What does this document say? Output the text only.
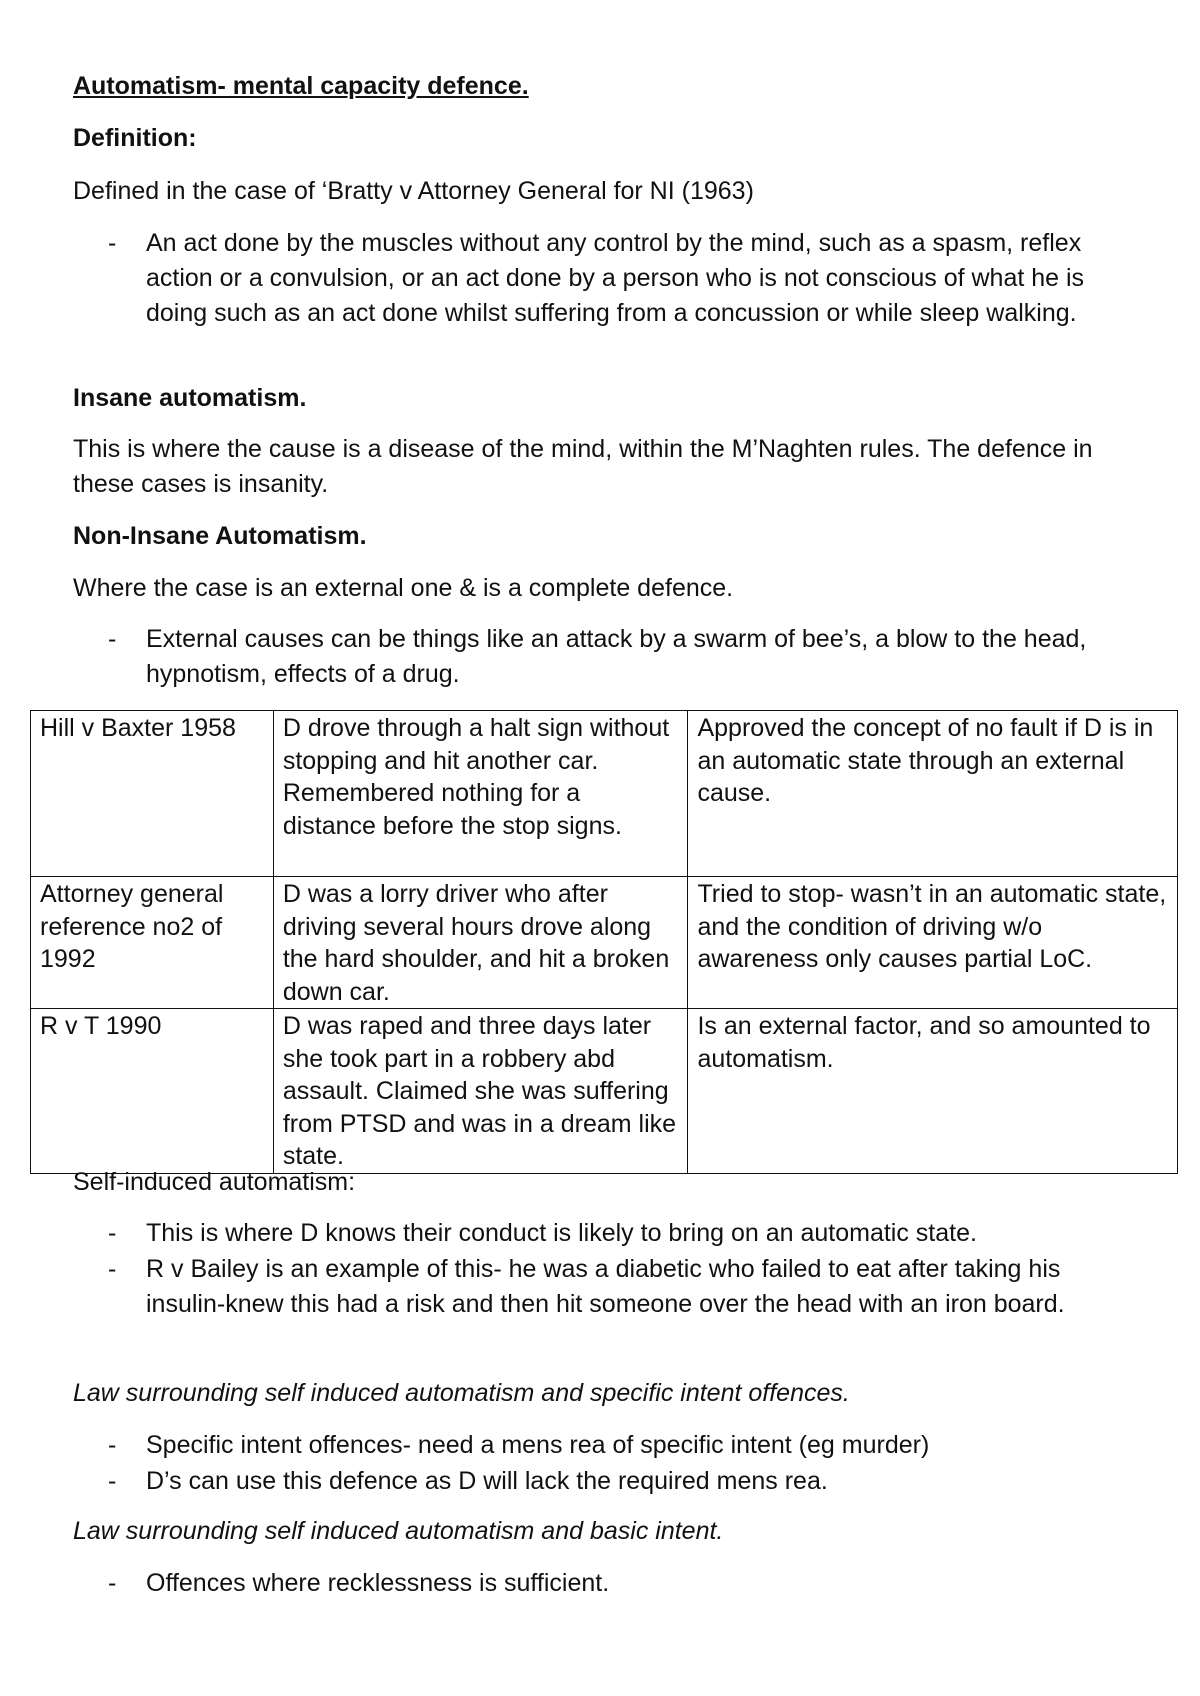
Automatism- mental capacity defence.
Definition:
Defined in the case of ‘Bratty v Attorney General for NI (1963)
- An act done by the muscles without any control by the mind, such as a spasm, reflex action or a convulsion, or an act done by a person who is not conscious of what he is doing such as an act done whilst suffering from a concussion or while sleep walking.
Insane automatism.
This is where the cause is a disease of the mind, within the M’Naghten rules. The defence in these cases is insanity.
Non-Insane Automatism.
Where the case is an external one & is a complete defence.
- External causes can be things like an attack by a swarm of bee’s, a blow to the head, hypnotism, effects of a drug.
Hill v Baxter 1958	D drove through a halt sign without stopping and hit another car. Remembered nothing for a distance before the stop signs.	Approved the concept of no fault if D is in an automatic state through an external cause.
Attorney general reference no2 of 1992	D was a lorry driver who after driving several hours drove along the hard shoulder, and hit a broken down car.	Tried to stop- wasn’t in an automatic state, and the condition of driving w/o awareness only causes partial LoC.
R v T 1990	D was raped and three days later she took part in a robbery abd assault. Claimed she was suffering from PTSD and was in a dream like state.	Is an external factor, and so amounted to automatism.
Self-induced automatism:
- This is where D knows their conduct is likely to bring on an automatic state.
- R v Bailey is an example of this- he was a diabetic who failed to eat after taking his insulin-knew this had a risk and then hit someone over the head with an iron board.
Law surrounding self induced automatism and specific intent offences.
- Specific intent offences- need a mens rea of specific intent (eg murder)
- D’s can use this defence as D will lack the required mens rea.
Law surrounding self induced automatism and basic intent.
- Offences where recklessness is sufficient.
